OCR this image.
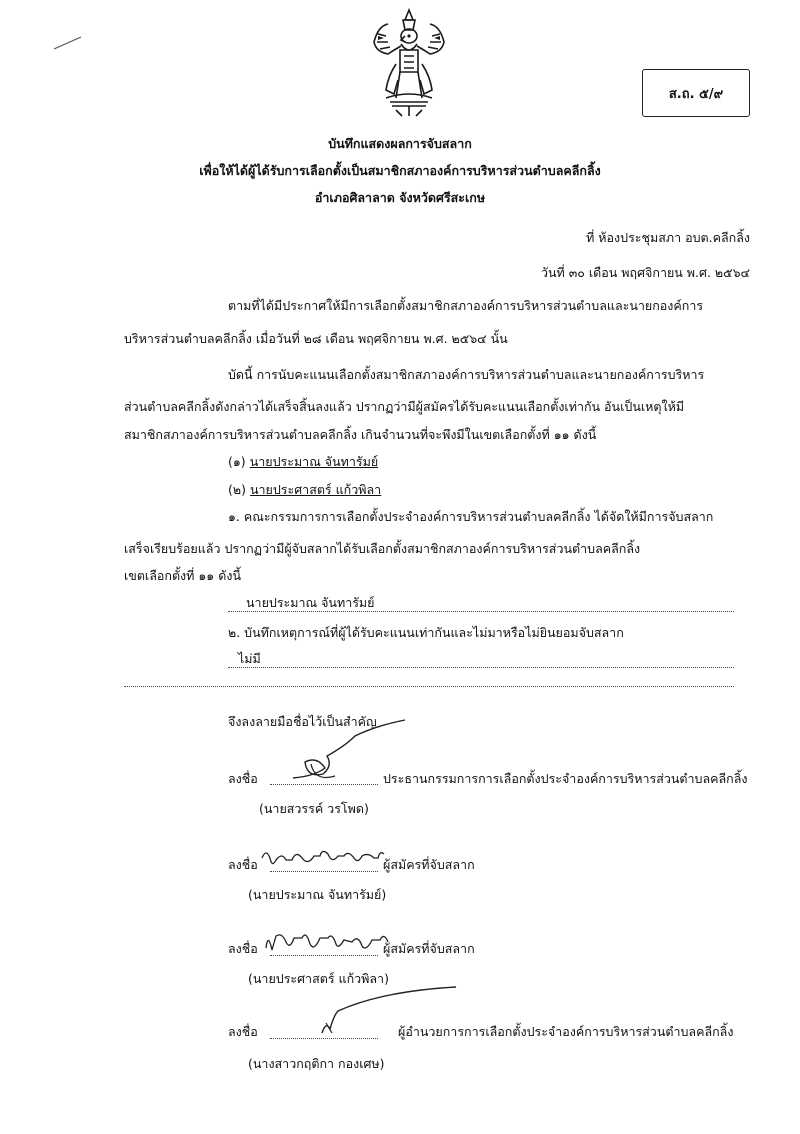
ส.ถ. ๕/๙
บันทึกแสดงผลการจับสลาก
เพื่อให้ได้ผู้ได้รับการเลือกตั้งเป็นสมาชิกสภาองค์การบริหารส่วนตำบลคลีกลิ้ง
อำเภอศิลาลาด จังหวัดศรีสะเกษ
ที่ ห้องประชุมสภา อบต.คลีกลิ้ง
วันที่ ๓๐ เดือน พฤศจิกายน พ.ศ. ๒๕๖๔
ตามที่ได้มีประกาศให้มีการเลือกตั้งสมาชิกสภาองค์การบริหารส่วนตำบลและนายกองค์การ
บริหารส่วนตำบลคลีกลิ้ง เมื่อวันที่ ๒๘ เดือน พฤศจิกายน พ.ศ. ๒๕๖๔ นั้น
บัดนี้ การนับคะแนนเลือกตั้งสมาชิกสภาองค์การบริหารส่วนตำบลและนายกองค์การบริหาร
ส่วนตำบลคลีกลิ้งดังกล่าวได้เสร็จสิ้นลงแล้ว ปรากฏว่ามีผู้สมัครได้รับคะแนนเลือกตั้งเท่ากัน อันเป็นเหตุให้มี
สมาชิกสภาองค์การบริหารส่วนตำบลคลีกลิ้ง เกินจำนวนที่จะพึงมีในเขตเลือกตั้งที่ ๑๑ ดังนี้
(๑) นายประมาณ จันทารัมย์
(๒) นายประศาสตร์ แก้วพิลา
๑. คณะกรรมการการเลือกตั้งประจำองค์การบริหารส่วนตำบลคลีกลิ้ง ได้จัดให้มีการจับสลาก
เสร็จเรียบร้อยแล้ว ปรากฏว่ามีผู้จับสลากได้รับเลือกตั้งสมาชิกสภาองค์การบริหารส่วนตำบลคลีกลิ้ง
เขตเลือกตั้งที่ ๑๑ ดังนี้
นายประมาณ จันทารัมย์
๒. บันทึกเหตุการณ์ที่ผู้ได้รับคะแนนเท่ากันและไม่มาหรือไม่ยินยอมจับสลาก
ไม่มี
จึงลงลายมือชื่อไว้เป็นสำคัญ
ลงชื่อ	ประธานกรรมการการเลือกตั้งประจำองค์การบริหารส่วนตำบลคลีกลิ้ง
(นายสวรรค์ วรโพด)
ลงชื่อ	ผู้สมัครที่จับสลาก
(นายประมาณ จันทารัมย์)
ลงชื่อ	ผู้สมัครที่จับสลาก
(นายประศาสตร์ แก้วพิลา)
ลงชื่อ	ผู้อำนวยการการเลือกตั้งประจำองค์การบริหารส่วนตำบลคลีกลิ้ง
(นางสาวกฤติกา กองเศษ)
